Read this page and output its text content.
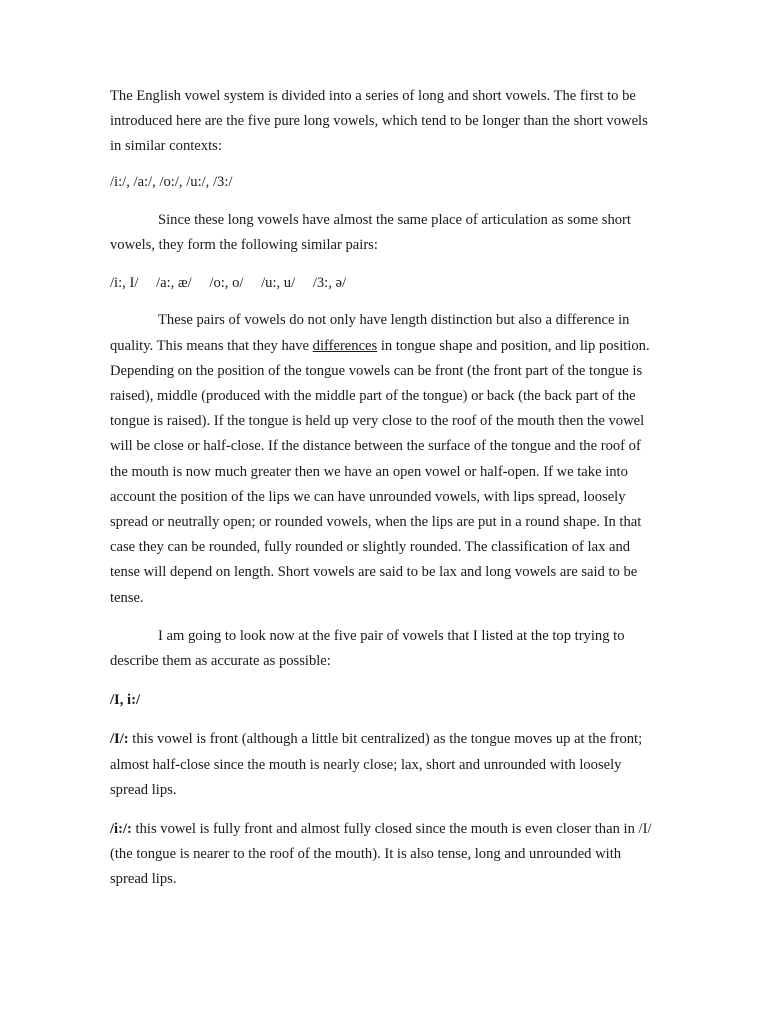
The English vowel system is divided into a series of long and short vowels. The first to be introduced here are the five pure long vowels, which tend to be longer than the short vowels in similar contexts:

/i:/, /a:/, /o:/, /u:/, /3:/

Since these long vowels have almost the same place of articulation as some short vowels, they form the following similar pairs:

/i:, I/ /a:, æ/ /o:, o/ /u:, u/ /3:, ə/

These pairs of vowels do not only have length distinction but also a difference in quality. This means that they have differences in tongue shape and position, and lip position. Depending on the position of the tongue vowels can be front (the front part of the tongue is raised), middle (produced with the middle part of the tongue) or back (the back part of the tongue is raised). If the tongue is held up very close to the roof of the mouth then the vowel will be close or half-close. If the distance between the surface of the tongue and the roof of the mouth is now much greater then we have an open vowel or half-open. If we take into account the position of the lips we can have unrounded vowels, with lips spread, loosely spread or neutrally open; or rounded vowels, when the lips are put in a round shape. In that case they can be rounded, fully rounded or slightly rounded. The classification of lax and tense will depend on length. Short vowels are said to be lax and long vowels are said to be tense.

I am going to look now at the five pair of vowels that I listed at the top trying to describe them as accurate as possible:

/I, i:/

/I/: this vowel is front (although a little bit centralized) as the tongue moves up at the front; almost half-close since the mouth is nearly close; lax, short and unrounded with loosely spread lips.

/i:/: this vowel is fully front and almost fully closed since the mouth is even closer than in /I/ (the tongue is nearer to the roof of the mouth). It is also tense, long and unrounded with spread lips.
